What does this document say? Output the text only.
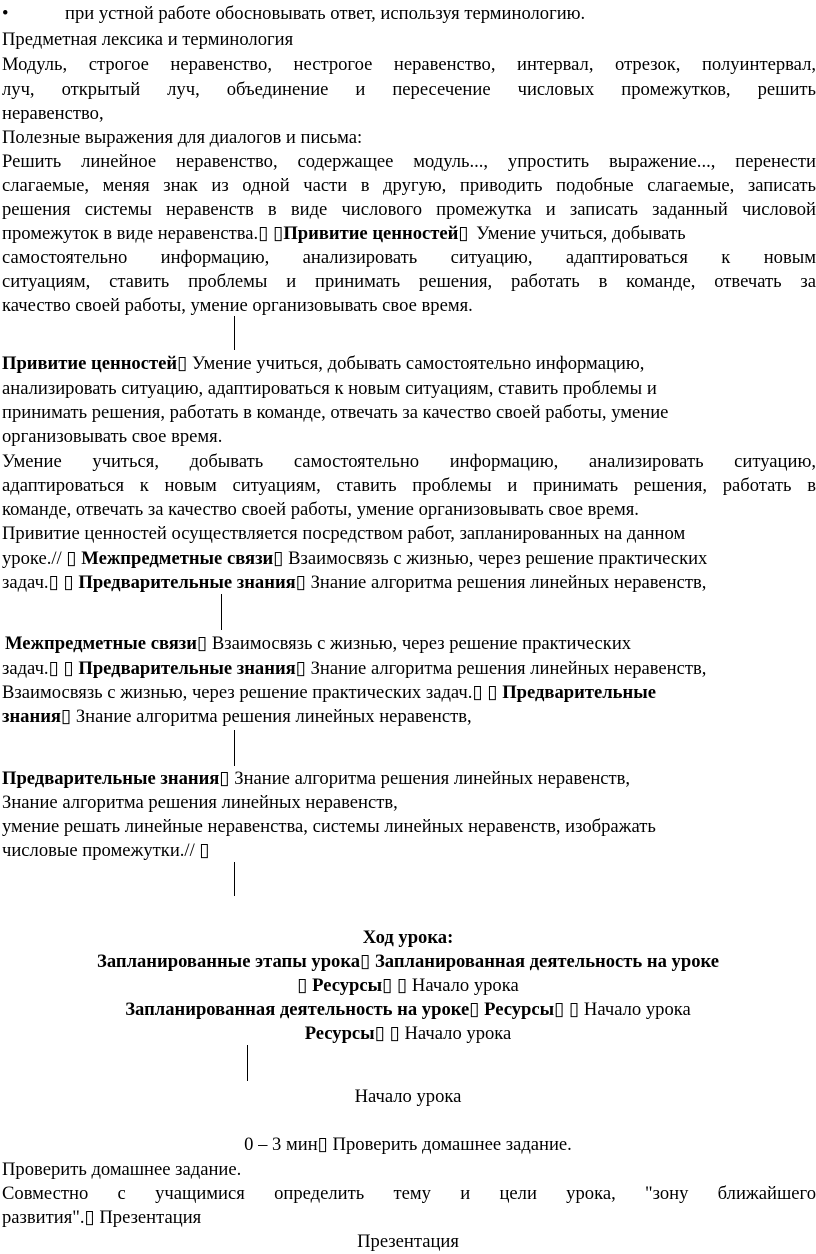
•	при устной работе обосновывать ответ, используя терминологию.
Предметная лексика и терминология
Модуль, строгое неравенство, нестрогое неравенство, интервал, отрезок, полуинтервал,
луч, открытый луч, объединение и пересечение числовых промежутков, решить
неравенство,
Полезные выражения для диалогов и письма:
Решить линейное неравенство, содержащее модуль..., упростить выражение..., перенести
слагаемые, меняя знак из одной части в другую, приводить подобные слагаемые, записать
решения системы неравенств в виде числового промежутка и записать заданный числовой
промежуток в виде неравенства.▯ ▯Привитие ценностей▯ Умение учиться, добывать
самостоятельно информацию, анализировать ситуацию, адаптироваться к новым
ситуациям, ставить проблемы и принимать решения, работать в команде, отвечать за
качество своей работы, умение организовывать свое время.
Привитие ценностей▯ Умение учиться, добывать самостоятельно информацию,
анализировать ситуацию, адаптироваться к новым ситуациям, ставить проблемы и
принимать решения, работать в команде, отвечать за качество своей работы, умение
организовывать свое время.
Умение учиться, добывать самостоятельно информацию, анализировать ситуацию,
адаптироваться к новым ситуациям, ставить проблемы и принимать решения, работать в
команде, отвечать за качество своей работы, умение организовывать свое время.
Привитие ценностей осуществляется посредством работ, запланированных на данном
уроке.// ▯ Межпредметные связи▯ Взаимосвязь с жизнью, через решение практических
задач.▯ ▯ Предварительные знания▯ Знание алгоритма решения линейных неравенств,
Межпредметные связи▯ Взаимосвязь с жизнью, через решение практических
задач.▯ ▯ Предварительные знания▯ Знание алгоритма решения линейных неравенств,
Взаимосвязь с жизнью, через решение практических задач.▯ ▯ Предварительные
знания▯ Знание алгоритма решения линейных неравенств,
Предварительные знания▯ Знание алгоритма решения линейных неравенств,
Знание алгоритма решения линейных неравенств,
умение решать линейные неравенства, системы линейных неравенств, изображать
числовые промежутки.// ▯
Ход урока:
Запланированные этапы урока▯ Запланированная деятельность на уроке
▯ Ресурсы▯ ▯ Начало урока
Запланированная деятельность на уроке▯ Ресурсы▯ ▯ Начало урока
Ресурсы▯ ▯ Начало урока
Начало урока
0 – 3 мин▯ Проверить домашнее задание.
Проверить домашнее задание.
Совместно с учащимися определить тему и цели урока, "зону ближайшего
развития".▯ Презентация
Презентация
